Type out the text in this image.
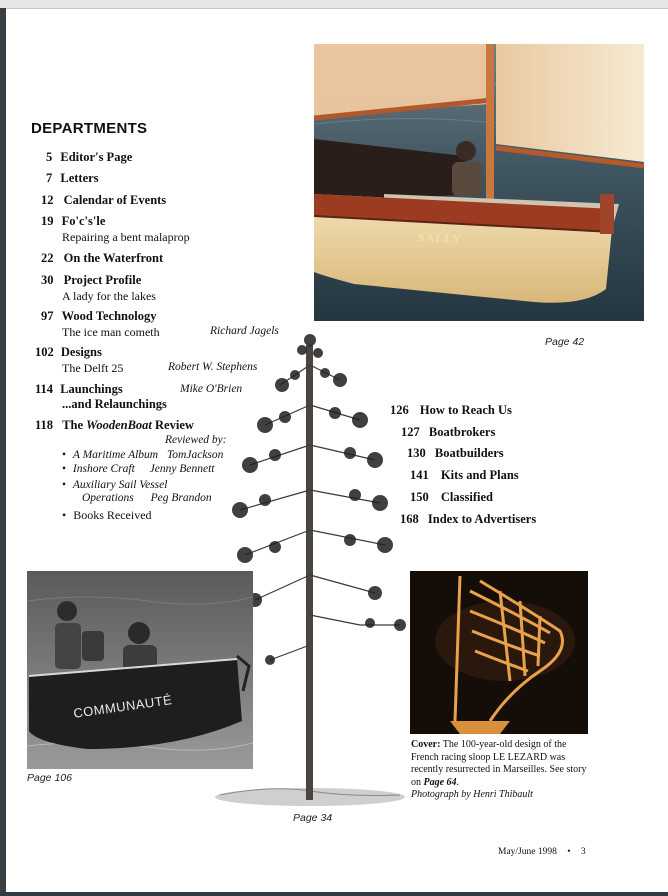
SALLY
Page 42
DEPARTMENTS
5 Editor's Page
7 Letters
12 Calendar of Events
19 Fo'c's'le
Repairing a bent malaprop
22 On the Waterfront
30 Project Profile
A lady for the lakes
97 Wood Technology
The ice man cometh	Richard Jagels
102 Designs
The Delft 25	Robert W. Stephens
114 Launchings	Mike O'Brien
...and Relaunchings
118 The WoodenBoat Review
Reviewed by:
• A Maritime Album TomJackson
• Inshore Craft Jenny Bennett
• Auxiliary Sail Vessel
Operations Peg Brandon
• Books Received
126 How to Reach Us
127 Boatbrokers
130 Boatbuilders
141 Kits and Plans
150 Classified
168 Index to Advertisers
Page 34
COMMUNAUTÉ
Page 106
Cover: The 100-year-old design of the French racing sloop LE LEZARD was recently resurrected in Marseilles. See story on Page 64.
Photograph by Henri Thibault
May/June 1998 • 3
